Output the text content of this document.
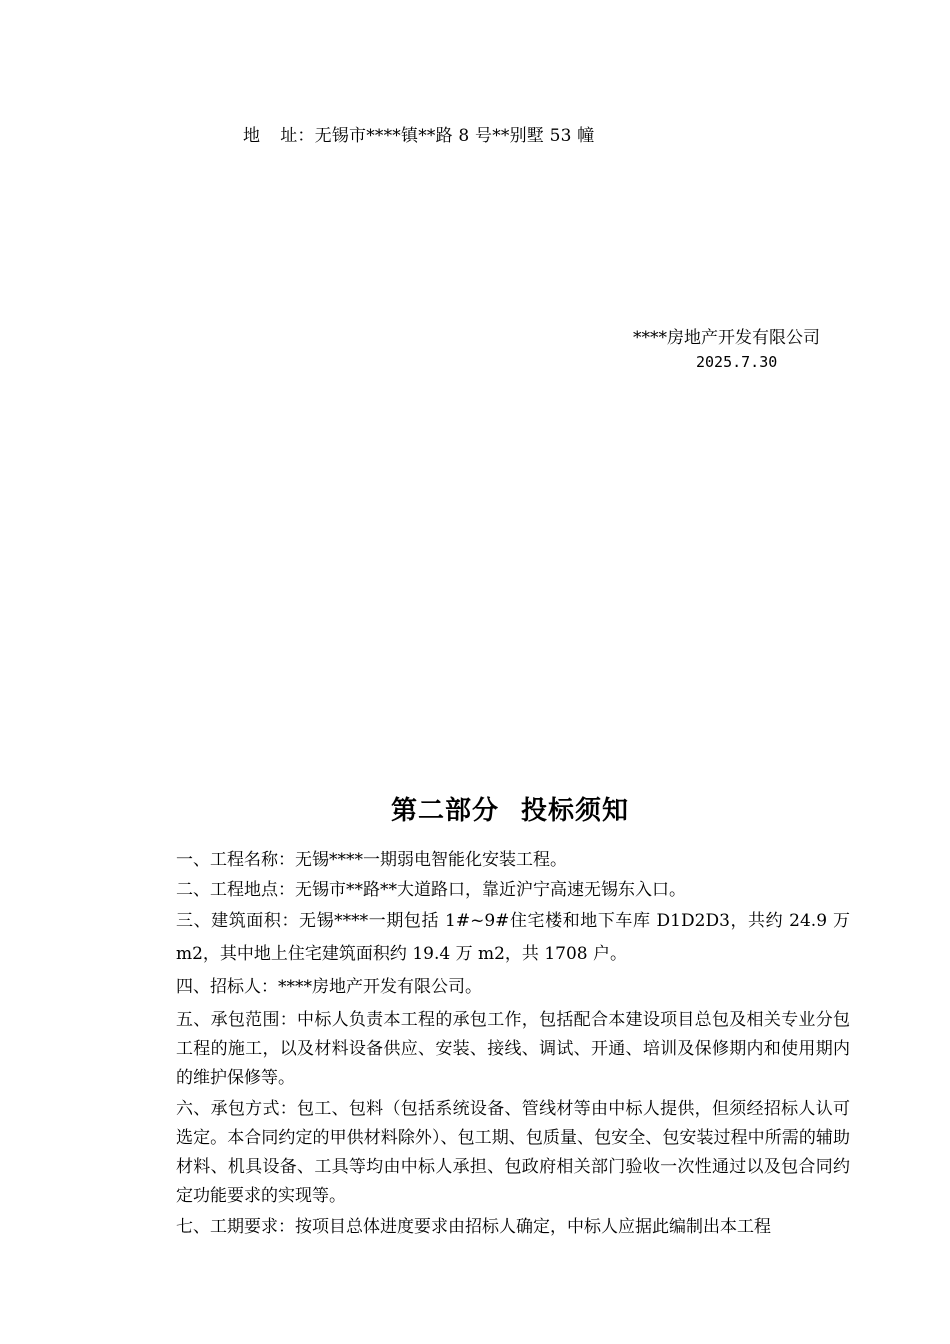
地 址：无锡市****镇**路 8 号**别墅 53 幢
****房地产开发有限公司
2025.7.30
第二部分 投标须知

一、工程名称：无锡****一期弱电智能化安装工程。

二、工程地点：无锡市**路**大道路口，靠近沪宁高速无锡东入口。

三、建筑面积：无锡****一期包括 1#~9#住宅楼和地下车库 D1D2D3，共约 24.9 万 m2，其中地上住宅建筑面积约 19.4 万 m2，共 1708 户。

四、招标人：****房地产开发有限公司。

五、承包范围：中标人负责本工程的承包工作，包括配合本建设项目总包及相关专业分包工程的施工，以及材料设备供应、安装、接线、调试、开通、培训及保修期内和使用期内的维护保修等。

六、承包方式：包工、包料（包括系统设备、管线材等由中标人提供，但须经招标人认可选定。本合同约定的甲供材料除外）、包工期、包质量、包安全、包安装过程中所需的辅助材料、机具设备、工具等均由中标人承担、包政府相关部门验收一次性通过以及包合同约定功能要求的实现等。

七、工期要求：按项目总体进度要求由招标人确定，中标人应据此编制出本工程
